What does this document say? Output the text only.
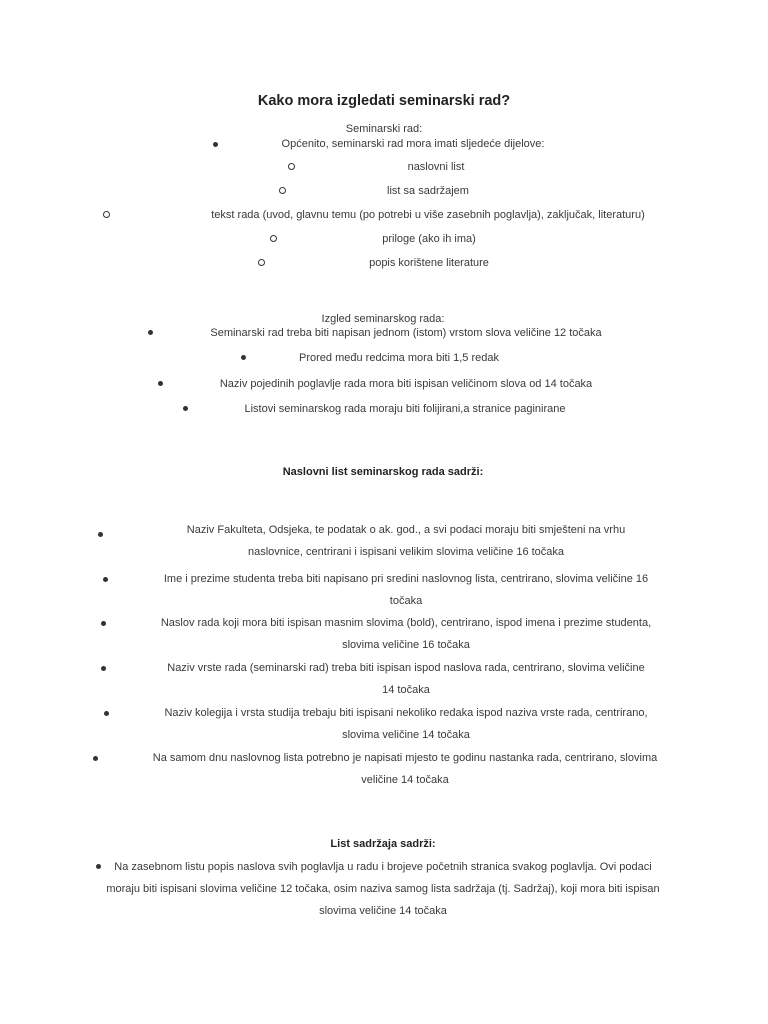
Kako mora izgledati seminarski rad?
Seminarski rad:
Općenito, seminarski rad mora imati sljedeće dijelove:
naslovni list
list sa sadržajem
tekst rada (uvod, glavnu temu (po potrebi u više zasebnih poglavlja), zaključak, literaturu)
priloge (ako ih ima)
popis korištene literature
Izgled seminarskog rada:
Seminarski rad treba biti napisan jednom (istom) vrstom slova veličine 12 točaka
Prored među redcima mora biti 1,5 redak
Naziv pojedinih poglavlje rada mora biti ispisan veličinom slova od 14 točaka
Listovi seminarskog rada moraju biti folijirani,a stranice paginirane
Naslovni list seminarskog rada sadrži:
Naziv Fakulteta, Odsjeka, te podatak o ak. god., a svi podaci moraju biti smješteni na vrhu naslovnice, centrirani i ispisani velikim slovima veličine 16 točaka
Ime i prezime studenta treba biti napisano pri sredini naslovnog lista, centrirano, slovima veličine 16 točaka
Naslov rada koji mora biti ispisan masnim slovima (bold), centrirano, ispod imena i prezime studenta, slovima veličine 16 točaka
Naziv vrste rada (seminarski rad) treba biti ispisan ispod naslova rada, centrirano, slovima veličine 14 točaka
Naziv kolegija i vrsta studija trebaju biti ispisani nekoliko redaka ispod naziva vrste rada, centrirano, slovima veličine 14 točaka
Na samom dnu naslovnog lista potrebno je napisati mjesto te godinu nastanka rada, centrirano, slovima veličine 14 točaka
List sadržaja sadrži:
Na zasebnom listu popis naslova svih poglavlja u radu i brojeve početnih stranica svakog poglavlja. Ovi podaci moraju biti ispisani slovima veličine 12 točaka, osim naziva samog lista sadržaja (tj. Sadržaj), koji mora biti ispisan slovima veličine 14 točaka
